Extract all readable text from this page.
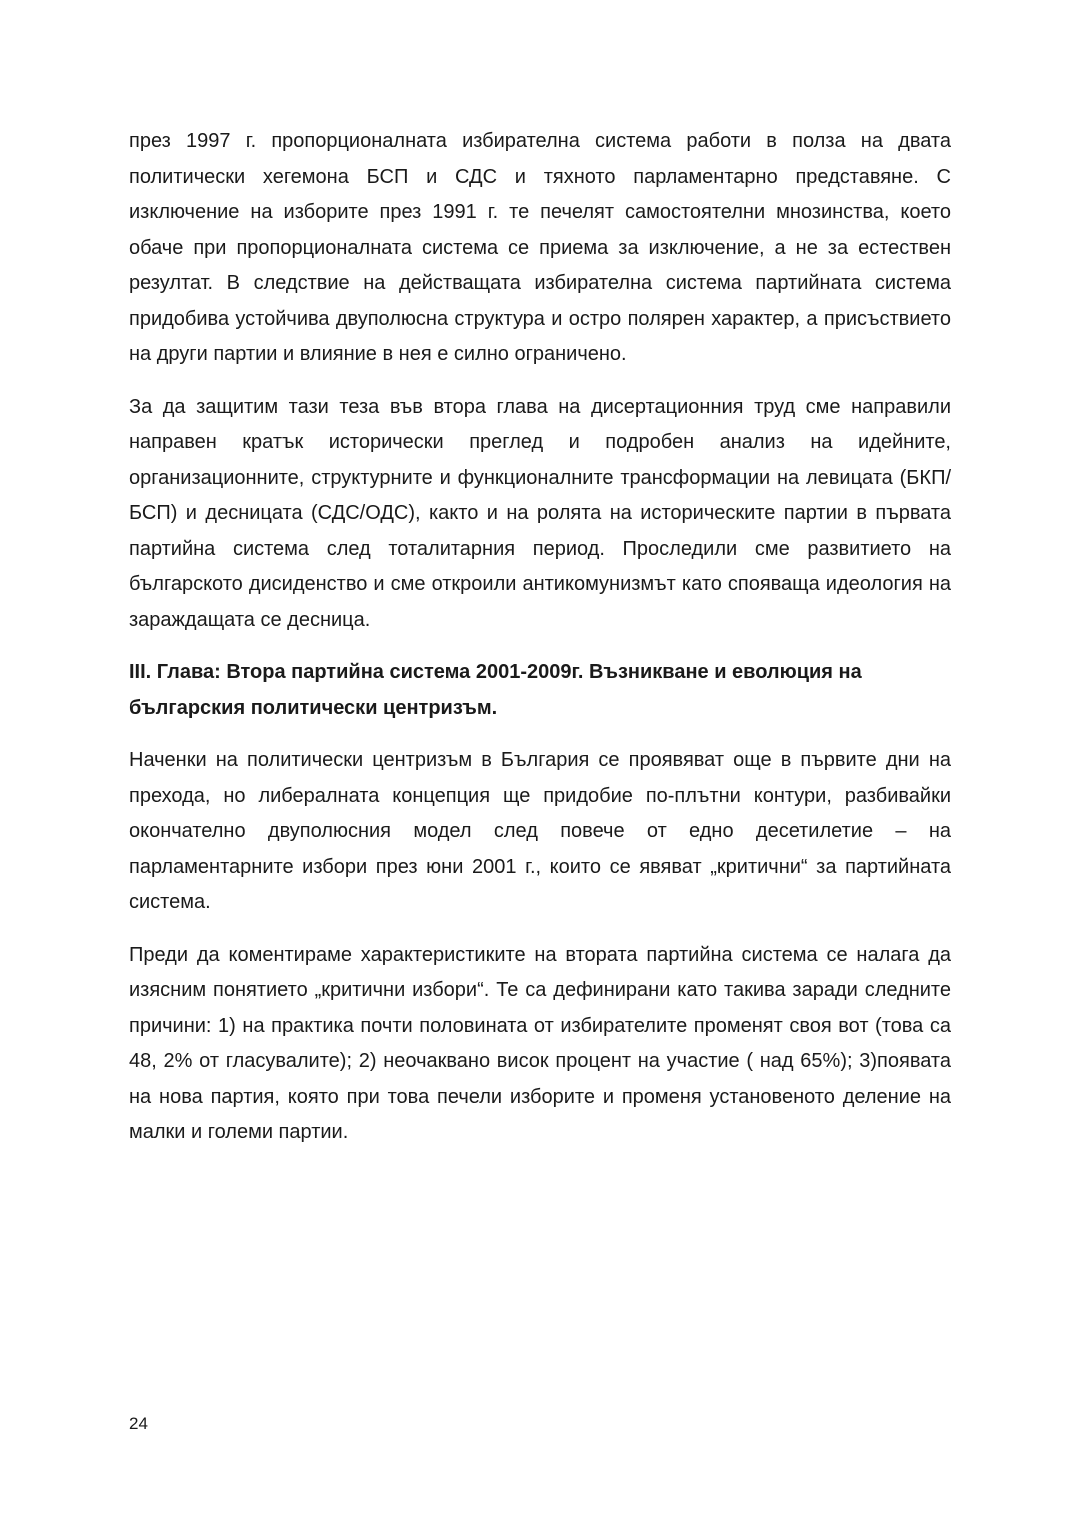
през 1997 г. пропорционалната избирателна система работи в полза на двата политически хегемона БСП и СДС и тяхното парламентарно представяне. С изключение на изборите през 1991 г. те печелят самостоятелни мнозинства, което обаче при пропорционалната система се приема за изключение, а не за естествен резултат. В следствие на действащата избирателна система партийната система придобива устойчива двуполюсна структура и остро поляpен характер, а присъствието на други партии и влияние в нея е силно ограничено.

За да защитим тази теза във втора глава на дисертационния труд сме направили направен кратък исторически преглед и подробен анализ на идейните, организационните, структурните и функционалните трансформации на левицата (БКП/БСП) и десницата (СДС/ОДС), както и на ролята на историческите партии в първата партийна система след тоталитарния период. Проследили сме развитието на българското дисиденство и сме откроили антикомунизмът като спояваща идеология на зараждащата се десница.

III. Глава: Втора партийна система 2001-2009г. Възникване и еволюция на българския политически центризъм.

Наченки на политически центризъм в България се проявяват още в първите дни на прехода, но либералната концепция ще придобие по-плътни контури, разбивайки окончателно двуполюсния модел след повече от едно десетилетие – на парламентарните избори през юни 2001 г., които се явяват „критични“ за партийната система.

Преди да коментираме характеристиките на втората партийна система се налага да изясним понятието „критични избори“. Те са дефинирани като такива заради следните причини: 1) на практика почти половината от избирателите променят своя вот (това са 48, 2% от гласувалите); 2) неочаквано висок процент на участие ( над 65%); 3)появата на нова партия, която при това печели изборите и променя установеното деление на малки и големи партии.

24
